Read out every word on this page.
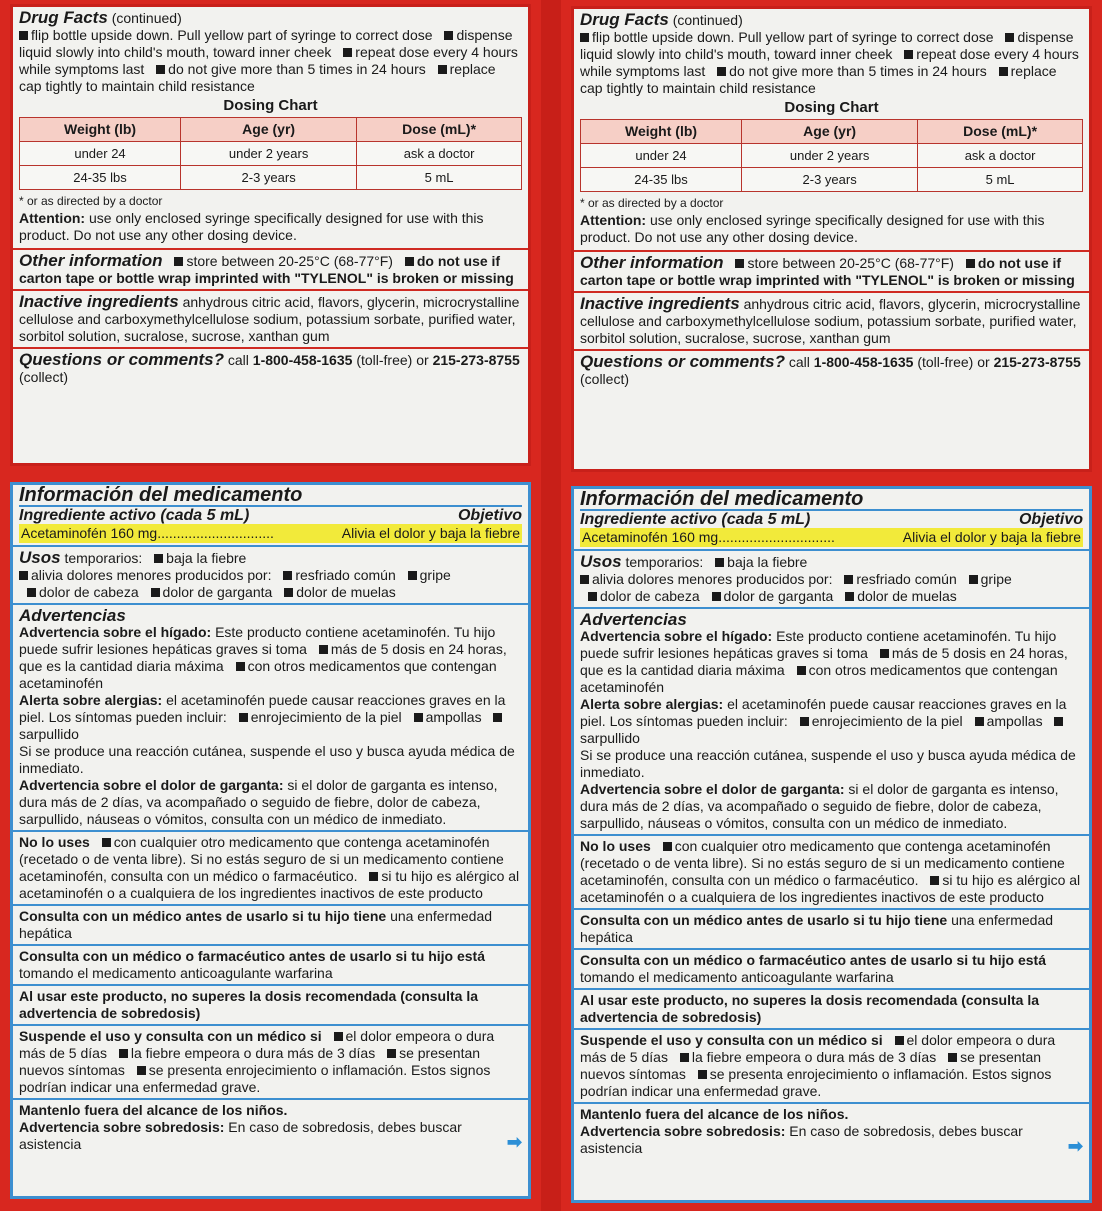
Drug Facts (continued)
flip bottle upside down. Pull yellow part of syringe to correct dose dispense liquid slowly into child's mouth, toward inner cheek repeat dose every 4 hours while symptoms last do not give more than 5 times in 24 hours replace cap tightly to maintain child resistance
Dosing Chart
Weight (lb)	Age (yr)	Dose (mL)*
under 24	under 2 years	ask a doctor
24-35 lbs	2-3 years	5 mL
* or as directed by a doctor
Attention: use only enclosed syringe specifically designed for use with this product. Do not use any other dosing device.
Other information store between 20-25°C (68-77°F) do not use if carton tape or bottle wrap imprinted with "TYLENOL" is broken or missing
Inactive ingredients anhydrous citric acid, flavors, glycerin, microcrystalline cellulose and carboxymethylcellulose sodium, potassium sorbate, purified water, sorbitol solution, sucralose, sucrose, xanthan gum
Questions or comments? call 1-800-458-1635 (toll-free) or 215-273-8755 (collect)
Información del medicamento
Ingrediente activo (cada 5 mL)	Objetivo
Acetaminofén 160 mg..............................	Alivia el dolor y baja la fiebre
Usos temporarios: baja la fiebre
alivia dolores menores producidos por: resfriado común gripe
dolor de cabeza dolor de garganta dolor de muelas
Advertencias
Advertencia sobre el hígado: Este producto contiene acetaminofén. Tu hijo puede sufrir lesiones hepáticas graves si toma más de 5 dosis en 24 horas, que es la cantidad diaria máxima con otros medicamentos que contengan acetaminofén
Alerta sobre alergias: el acetaminofén puede causar reacciones graves en la piel. Los síntomas pueden incluir: enrojecimiento de la piel ampollas sarpullido
Si se produce una reacción cutánea, suspende el uso y busca ayuda médica de inmediato.
Advertencia sobre el dolor de garganta: si el dolor de garganta es intenso, dura más de 2 días, va acompañado o seguido de fiebre, dolor de cabeza, sarpullido, náuseas o vómitos, consulta con un médico de inmediato.
No lo uses con cualquier otro medicamento que contenga acetaminofén (recetado o de venta libre). Si no estás seguro de si un medicamento contiene acetaminofén, consulta con un médico o farmacéutico. si tu hijo es alérgico al acetaminofén o a cualquiera de los ingredientes inactivos de este producto
Consulta con un médico antes de usarlo si tu hijo tiene una enfermedad hepática
Consulta con un médico o farmacéutico antes de usarlo si tu hijo está tomando el medicamento anticoagulante warfarina
Al usar este producto, no superes la dosis recomendada (consulta la advertencia de sobredosis)
Suspende el uso y consulta con un médico si el dolor empeora o dura más de 5 días la fiebre empeora o dura más de 3 días se presentan nuevos síntomas se presenta enrojecimiento o inflamación. Estos signos podrían indicar una enfermedad grave.
Mantenlo fuera del alcance de los niños.
Advertencia sobre sobredosis: En caso de sobredosis, debes buscar asistencia	➡
Drug Facts (continued)
flip bottle upside down. Pull yellow part of syringe to correct dose dispense liquid slowly into child's mouth, toward inner cheek repeat dose every 4 hours while symptoms last do not give more than 5 times in 24 hours replace cap tightly to maintain child resistance
Dosing Chart
Weight (lb)	Age (yr)	Dose (mL)*
under 24	under 2 years	ask a doctor
24-35 lbs	2-3 years	5 mL
* or as directed by a doctor
Attention: use only enclosed syringe specifically designed for use with this product. Do not use any other dosing device.
Other information store between 20-25°C (68-77°F) do not use if carton tape or bottle wrap imprinted with "TYLENOL" is broken or missing
Inactive ingredients anhydrous citric acid, flavors, glycerin, microcrystalline cellulose and carboxymethylcellulose sodium, potassium sorbate, purified water, sorbitol solution, sucralose, sucrose, xanthan gum
Questions or comments? call 1-800-458-1635 (toll-free) or 215-273-8755 (collect)
Información del medicamento
Ingrediente activo (cada 5 mL)	Objetivo
Acetaminofén 160 mg..............................	Alivia el dolor y baja la fiebre
Usos temporarios: baja la fiebre
alivia dolores menores producidos por: resfriado común gripe
dolor de cabeza dolor de garganta dolor de muelas
Advertencias
Advertencia sobre el hígado: Este producto contiene acetaminofén. Tu hijo puede sufrir lesiones hepáticas graves si toma más de 5 dosis en 24 horas, que es la cantidad diaria máxima con otros medicamentos que contengan acetaminofén
Alerta sobre alergias: el acetaminofén puede causar reacciones graves en la piel. Los síntomas pueden incluir: enrojecimiento de la piel ampollas sarpullido
Si se produce una reacción cutánea, suspende el uso y busca ayuda médica de inmediato.
Advertencia sobre el dolor de garganta: si el dolor de garganta es intenso, dura más de 2 días, va acompañado o seguido de fiebre, dolor de cabeza, sarpullido, náuseas o vómitos, consulta con un médico de inmediato.
No lo uses con cualquier otro medicamento que contenga acetaminofén (recetado o de venta libre). Si no estás seguro de si un medicamento contiene acetaminofén, consulta con un médico o farmacéutico. si tu hijo es alérgico al acetaminofén o a cualquiera de los ingredientes inactivos de este producto
Consulta con un médico antes de usarlo si tu hijo tiene una enfermedad hepática
Consulta con un médico o farmacéutico antes de usarlo si tu hijo está tomando el medicamento anticoagulante warfarina
Al usar este producto, no superes la dosis recomendada (consulta la advertencia de sobredosis)
Suspende el uso y consulta con un médico si el dolor empeora o dura más de 5 días la fiebre empeora o dura más de 3 días se presentan nuevos síntomas se presenta enrojecimiento o inflamación. Estos signos podrían indicar una enfermedad grave.
Mantenlo fuera del alcance de los niños.
Advertencia sobre sobredosis: En caso de sobredosis, debes buscar asistencia	➡
